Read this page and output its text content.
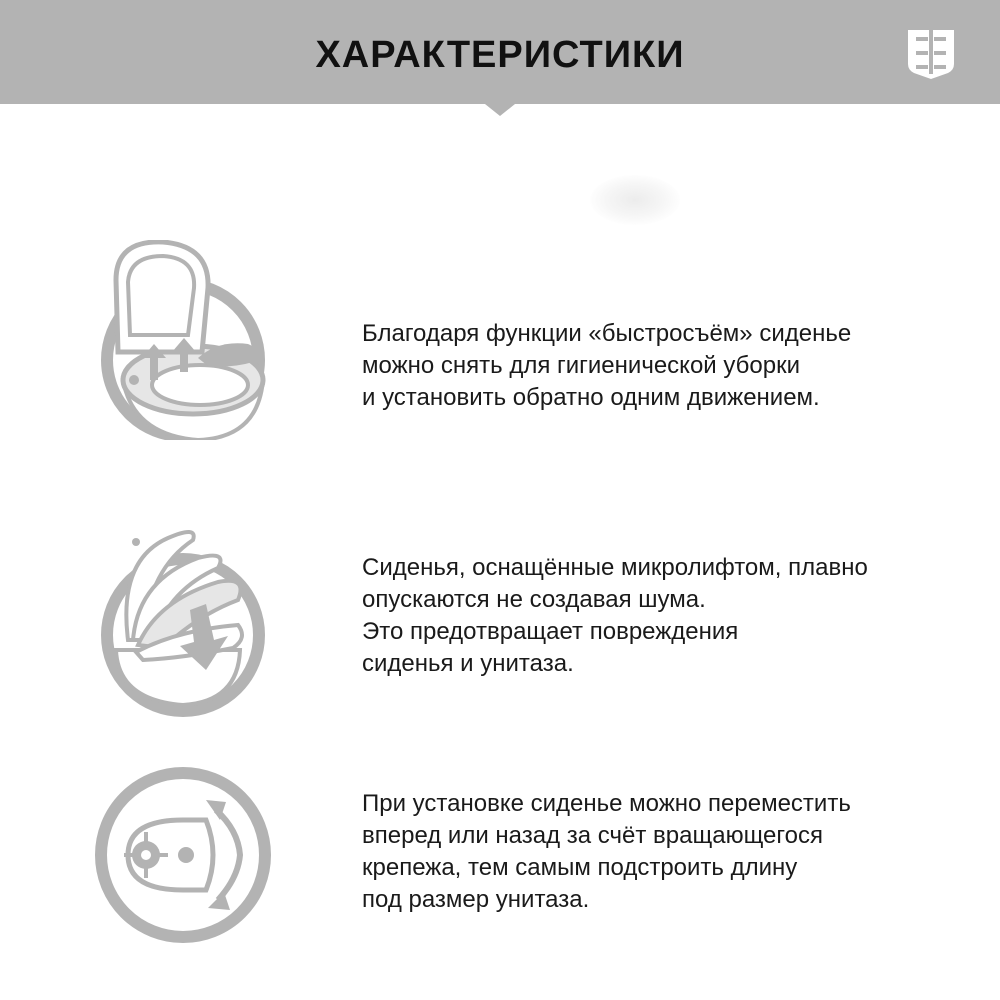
ХАРАКТЕРИСТИКИ
Благодаря функции «быстросъём» сиденье
можно снять для гигиенической уборки
и установить обратно одним движением.
Сиденья, оснащённые микролифтом, плавно
опускаются не создавая шума.
Это предотвращает повреждения
сиденья и унитаза.
При установке сиденье можно переместить
вперед или назад за счёт вращающегося
крепежа, тем самым подстроить длину
под размер унитаза.
